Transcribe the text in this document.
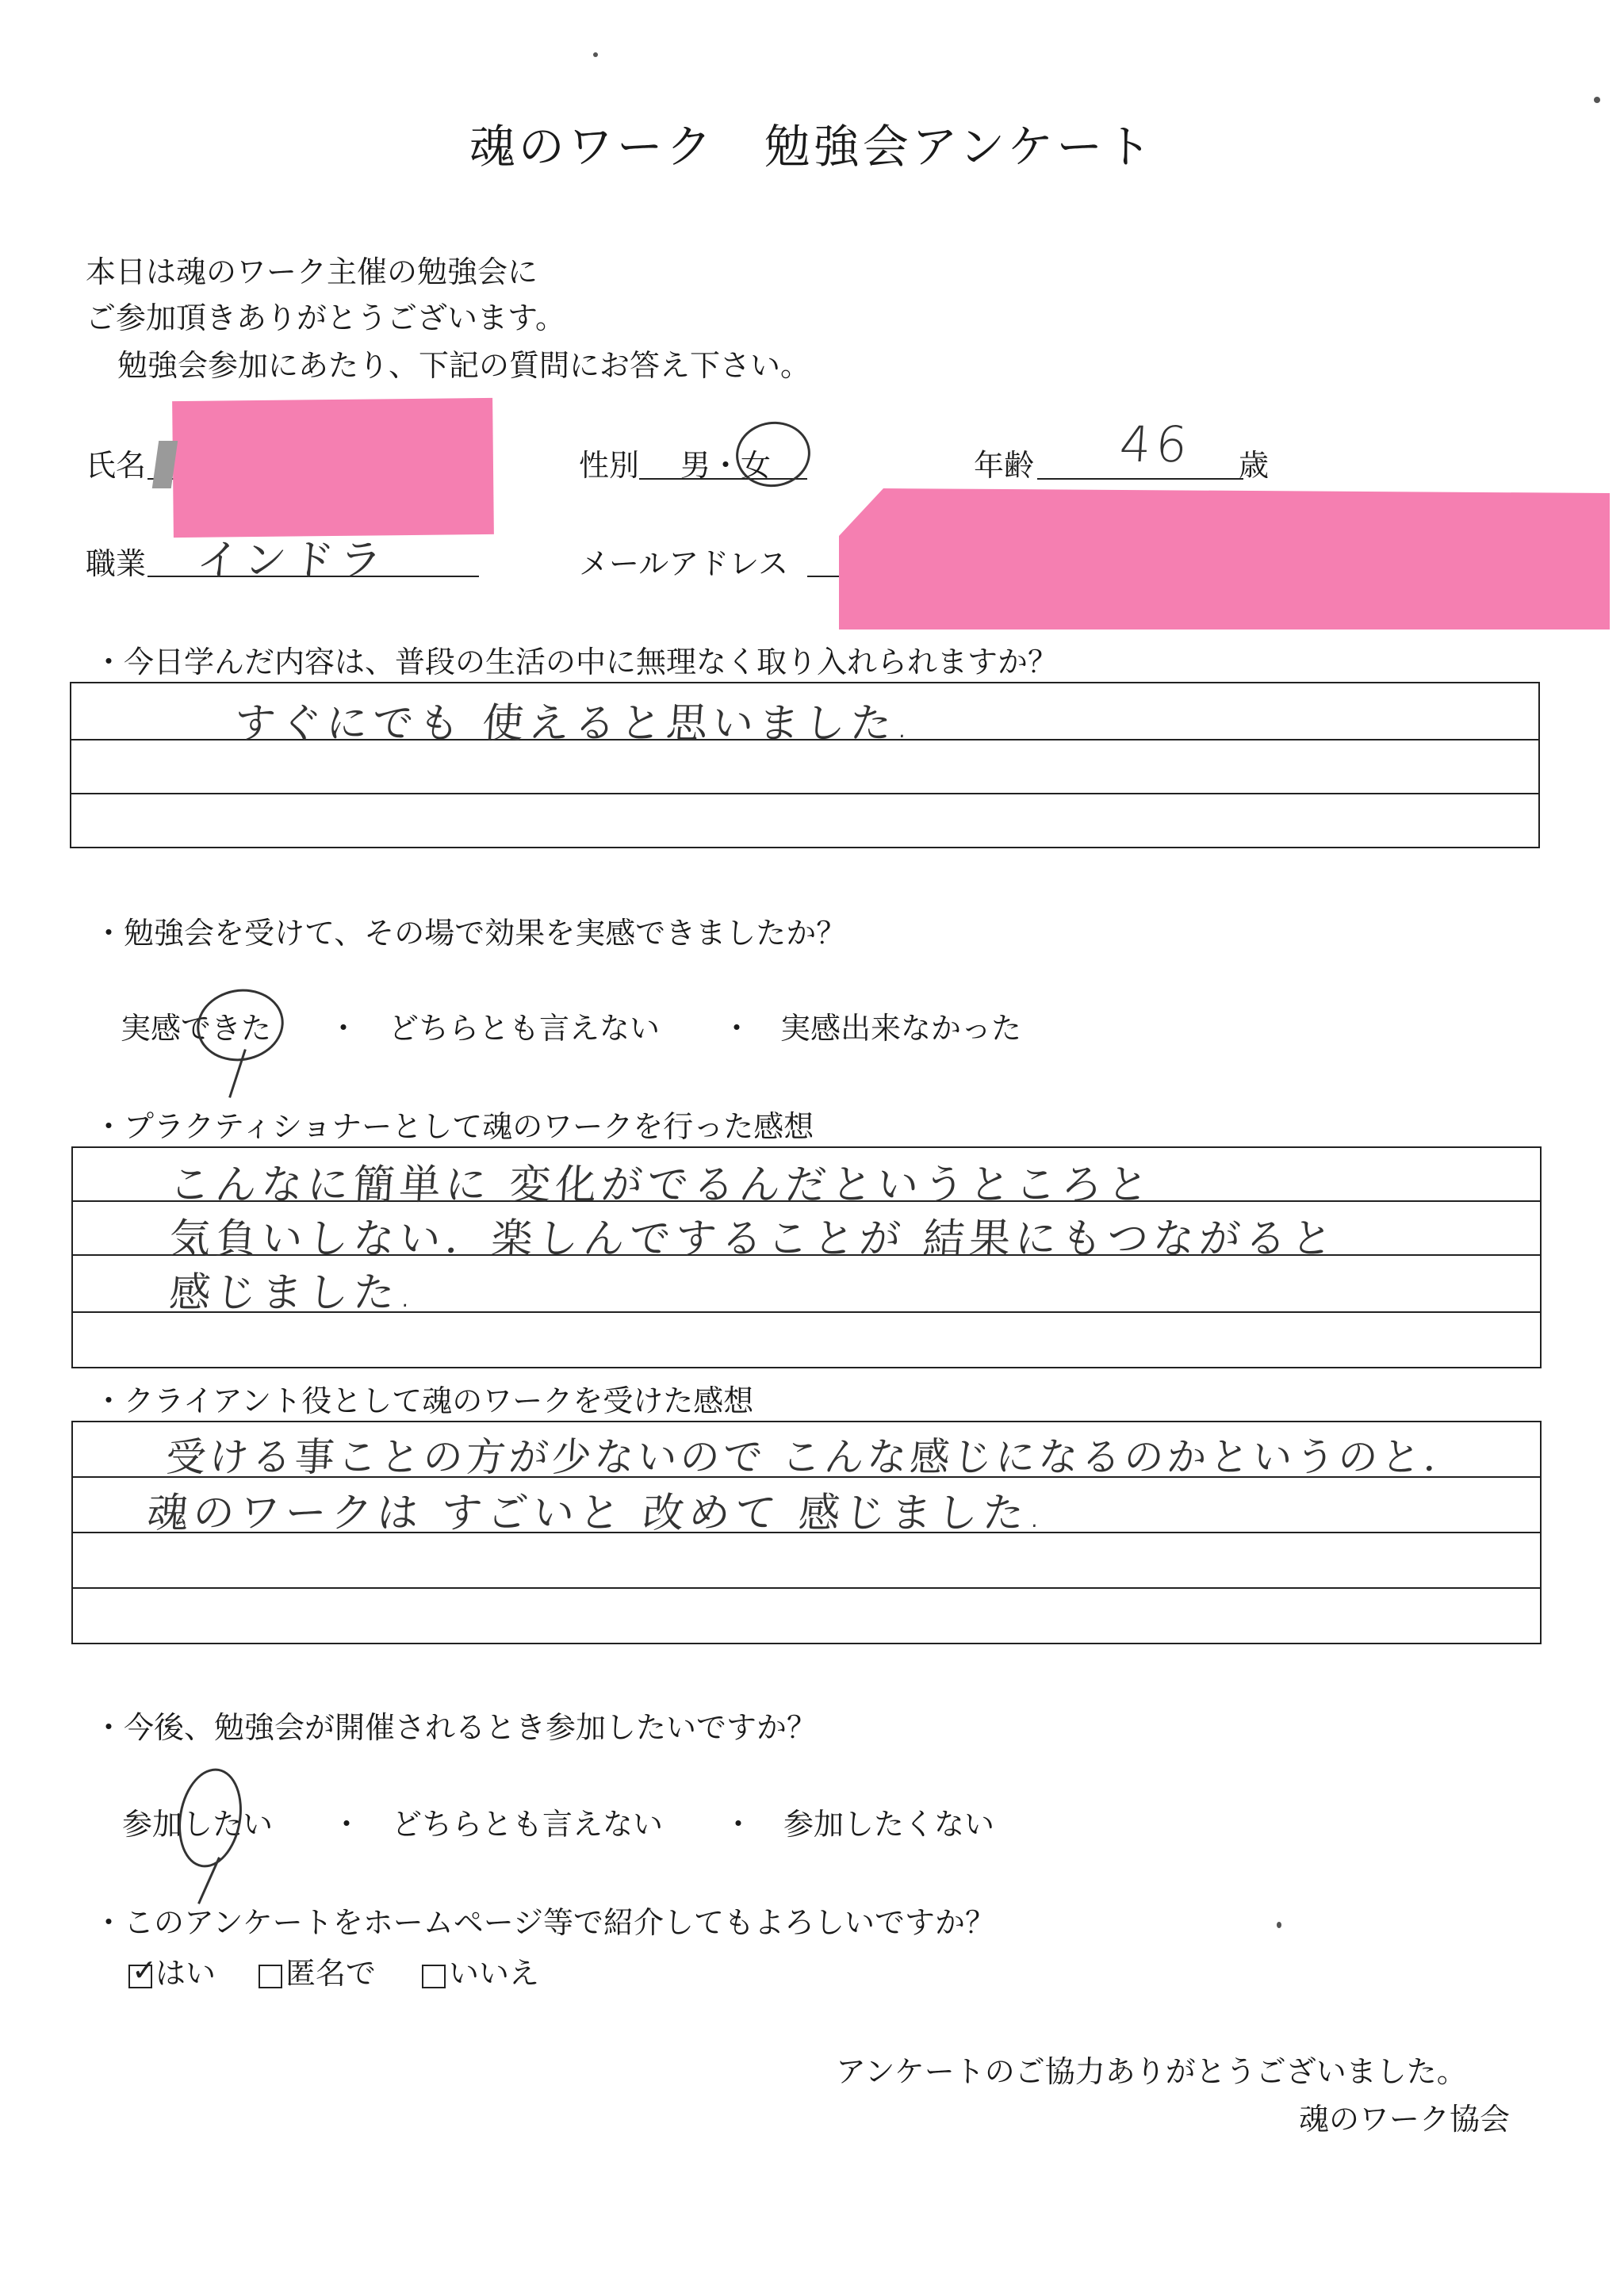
魂のワーク　勉強会アンケート
本日は魂のワーク主催の勉強会に
ご参加頂きありがとうございます。
勉強会参加にあたり、下記の質問にお答え下さい。
氏名	性別 男・女	年齢 46 歳
職業 インドラ	メールアドレス
・今日学んだ内容は、普段の生活の中に無理なく取り入れられますか？
すぐにでも 使えると思いました.
・勉強会を受けて、その場で効果を実感できましたか？
実感できた ・ どちらとも言えない ・ 実感出来なかった
・プラクティショナーとして魂のワークを行った感想
こんなに簡単に 変化がでるんだというところと
気負いしない．楽しんですることが 結果にもつながると
感じました.
・クライアント役として魂のワークを受けた感想
受ける事ことの方が少ないので こんな感じになるのかというのと．
魂のワークは すごいと 改めて 感じました.
・今後、勉強会が開催されるとき参加したいですか？
参加したい ・ どちらとも言えない ・ 参加したくない
・このアンケートをホームページ等で紹介してもよろしいですか？
✓
はい	匿名で	いいえ
アンケートのご協力ありがとうございました。
魂のワーク協会
